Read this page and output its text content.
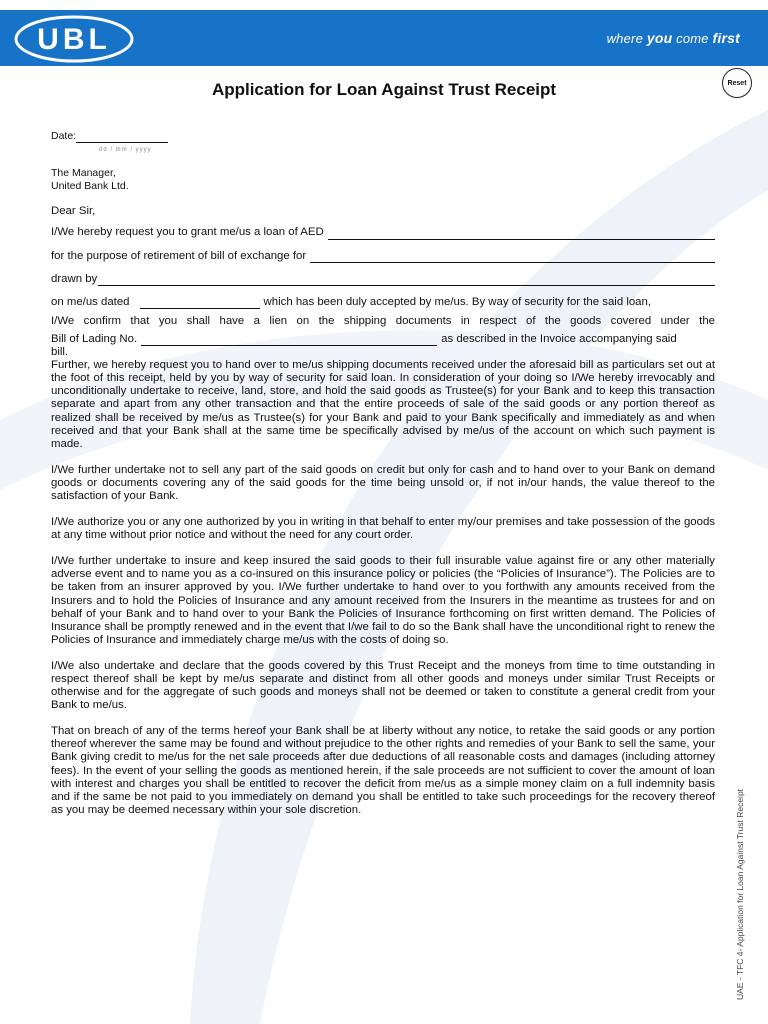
UBL	where you come first
Reset
Application for Loan Against Trust Receipt
Date:
dd / mm / yyyy
The Manager,
United Bank Ltd.
Dear Sir,
I/We hereby request you to grant me/us a loan of AED
for the purpose of retirement of bill of exchange for
drawn by
on me/us dated	which has been duly accepted by me/us. By way of security for the said loan,
I/We confirm that you shall have a lien on the shipping documents in respect of the goods covered under the
Bill of Lading No.	as described in the Invoice accompanying said
bill.

Further, we hereby request you to hand over to me/us shipping documents received under the aforesaid bill as particulars set out at the foot of this receipt, held by you by way of security for said loan. In consideration of your doing so I/We hereby irrevocably and unconditionally undertake to receive, land, store, and hold the said goods as Trustee(s) for your Bank and to keep this transaction separate and apart from any other transaction and that the entire proceeds of sale of the said goods or any portion thereof as realized shall be received by me/us as Trustee(s) for your Bank and paid to your Bank specifically and immediately as and when received and that your Bank shall at the same time be specifically advised by me/us of the account on which such payment is made.

I/We further undertake not to sell any part of the said goods on credit but only for cash and to hand over to your Bank on demand goods or documents covering any of the said goods for the time being unsold or, if not in/our hands, the value thereof to the satisfaction of your Bank.

I/We authorize you or any one authorized by you in writing in that behalf to enter my/our premises and take possession of the goods at any time without prior notice and without the need for any court order.

I/We further undertake to insure and keep insured the said goods to their full insurable value against fire or any other materially adverse event and to name you as a co-insured on this insurance policy or policies (the “Policies of Insurance”). The Policies are to be taken from an insurer approved by you. I/We further undertake to hand over to you forthwith any amounts received from the Insurers and to hold the Policies of Insurance and any amount received from the Insurers in the meantime as trustees for and on behalf of your Bank and to hand over to your Bank the Policies of Insurance forthcoming on first written demand. The Policies of Insurance shall be promptly renewed and in the event that I/we fail to do so the Bank shall have the unconditional right to renew the Policies of Insurance and immediately charge me/us with the costs of doing so.

I/We also undertake and declare that the goods covered by this Trust Receipt and the moneys from time to time outstanding in respect thereof shall be kept by me/us separate and distinct from all other goods and moneys under similar Trust Receipts or otherwise and for the aggregate of such goods and moneys shall not be deemed or taken to constitute a general credit from your Bank to me/us.

That on breach of any of the terms hereof your Bank shall be at liberty without any notice, to retake the said goods or any portion thereof wherever the same may be found and without prejudice to the other rights and remedies of your Bank to sell the same, your Bank giving credit to me/us for the net sale proceeds after due deductions of all reasonable costs and damages (including attorney fees). In the event of your selling the goods as mentioned herein, if the sale proceeds are not sufficient to cover the amount of loan with interest and charges you shall be entitled to recover the deficit from me/us as a simple money claim on a full indemnity basis and if the same be not paid to you immediately on demand you shall be entitled to take such proceedings for the recovery thereof as you may be deemed necessary within your sole discretion.	UAE - TFC 4- Application for Loan Against Trust Receipt
